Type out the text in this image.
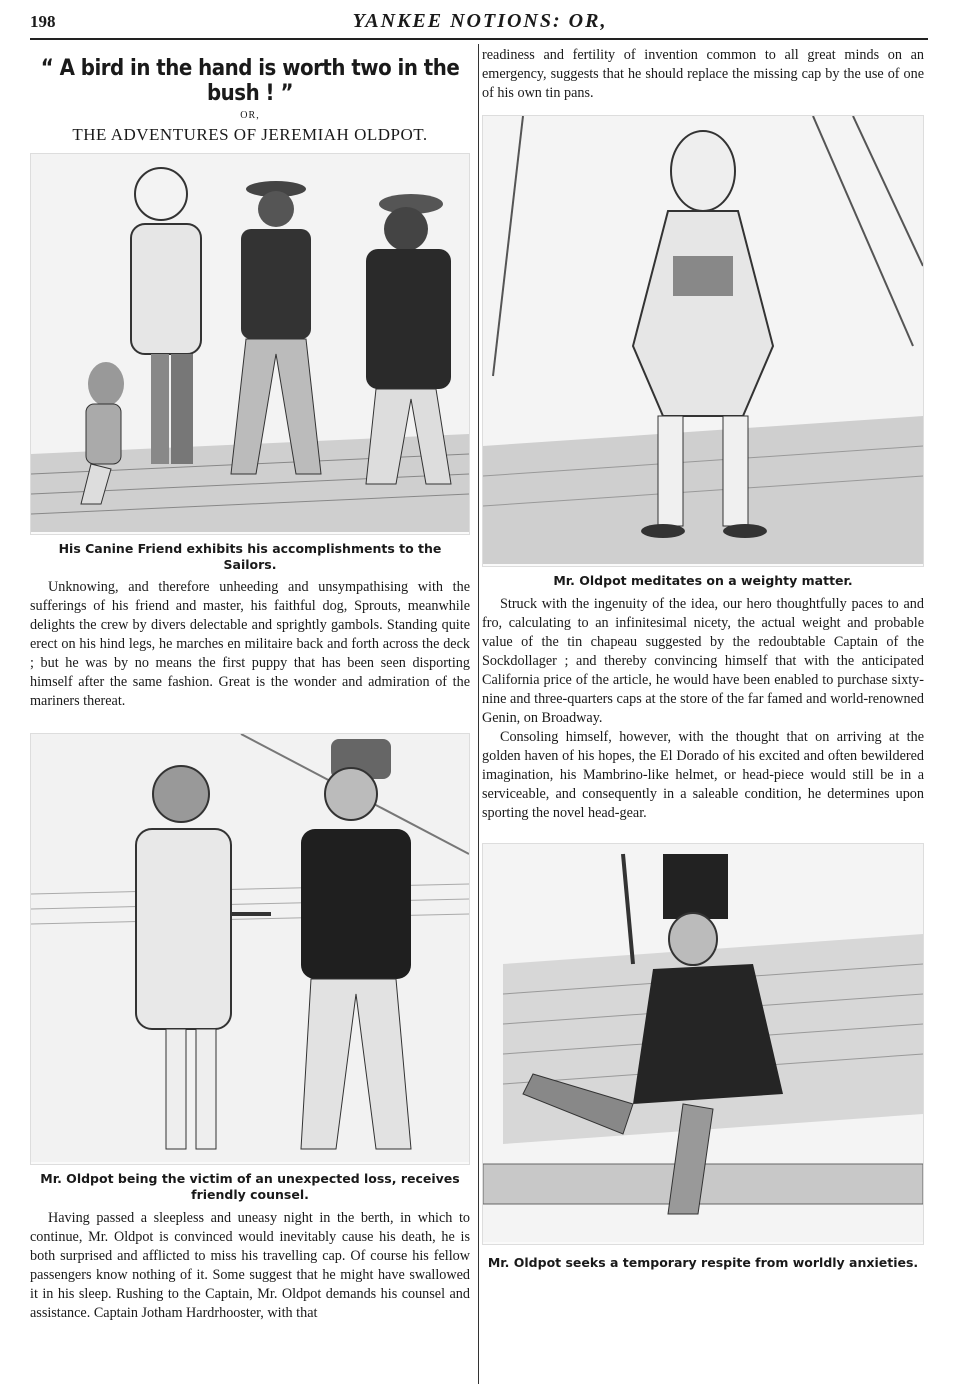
198	YANKEE NOTIONS: OR,
“ A bird in the hand is worth two in the bush ! ”
OR,
THE ADVENTURES OF JEREMIAH OLDPOT.
His Canine Friend exhibits his accomplishments to the Sailors.

Unknowing, and therefore unheeding and unsympathising with the sufferings of his friend and master, his faithful dog, Sprouts, meanwhile delights the crew by divers delectable and sprightly gambols. Standing quite erect on his hind legs, he marches en militaire back and forth across the deck ; but he was by no means the first puppy that has been seen disporting himself after the same fashion. Great is the wonder and admiration of the mariners thereat.

Mr. Oldpot being the victim of an unexpected loss, receives friendly counsel.

Having passed a sleepless and uneasy night in the berth, in which to continue, Mr. Oldpot is convinced would inevitably cause his death, he is both surprised and afflicted to miss his travelling cap. Of course his fellow passengers know nothing of it. Some suggest that he might have swallowed it in his sleep. Rushing to the Captain, Mr. Oldpot demands his counsel and assistance. Captain Jotham Hardrhooster, with that

readiness and fertility of invention common to all great minds on an emergency, suggests that he should replace the missing cap by the use of one of his own tin pans.

Mr. Oldpot meditates on a weighty matter.

Struck with the ingenuity of the idea, our hero thoughtfully paces to and fro, calculating to an infinitesimal nicety, the actual weight and probable value of the tin chapeau suggested by the redoubtable Captain of the Sockdollager ; and thereby convincing himself that with the anticipated California price of the article, he would have been enabled to purchase sixty-nine and three-quarters caps at the store of the far famed and world-renowned Genin, on Broadway.

Consoling himself, however, with the thought that on arriving at the golden haven of his hopes, the El Dorado of his excited and often bewildered imagination, his Mambrino-like helmet, or head-piece would still be in a serviceable, and consequently in a saleable condition, he determines upon sporting the novel head-gear.

Mr. Oldpot seeks a temporary respite from worldly anxieties.
